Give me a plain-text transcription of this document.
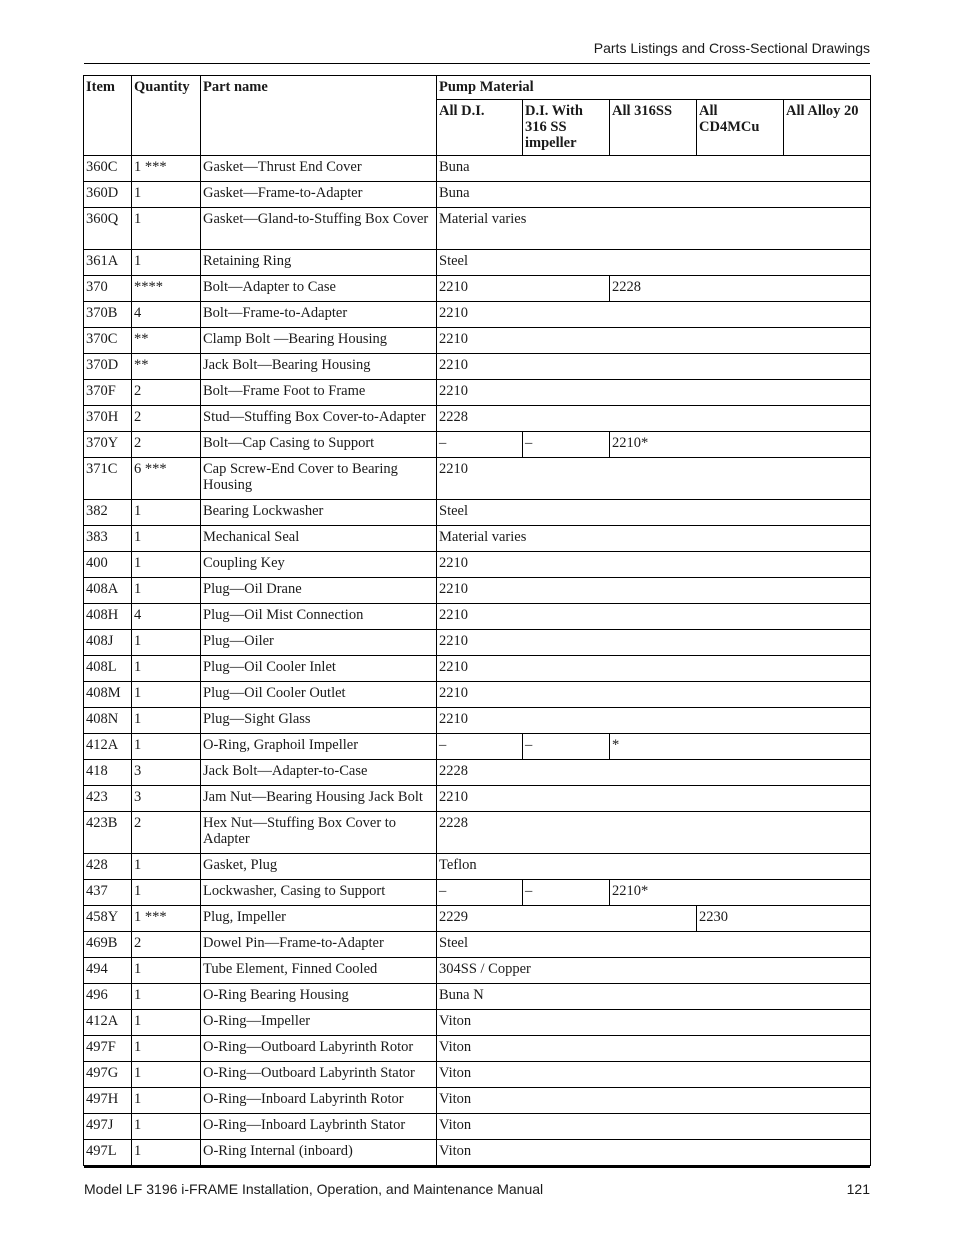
Parts Listings and Cross-Sectional Drawings
Item	Quantity	Part name	Pump Material				
			All D.I.	D.I. With 316 SS impeller	All 316SS	All CD4MCu	All Alloy 20
360C	1 ***	Gasket—Thrust End Cover	Buna				
360D	1	Gasket—Frame-to-Adapter	Buna				
360Q	1	Gasket—Gland-to-Stuffing Box Cover	Material varies				
361A	1	Retaining Ring	Steel				
370	****	Bolt—Adapter to Case	2210		2228		
370B	4	Bolt—Frame-to-Adapter	2210				
370C	**	Clamp Bolt —Bearing Housing	2210				
370D	**	Jack Bolt—Bearing Housing	2210				
370F	2	Bolt—Frame Foot to Frame	2210				
370H	2	Stud—Stuffing Box Cover-to-Adapter	2228				
370Y	2	Bolt—Cap Casing to Support	–	–	2210*		
371C	6 ***	Cap Screw-End Cover to Bearing Housing	2210				
382	1	Bearing Lockwasher	Steel				
383	1	Mechanical Seal	Material varies				
400	1	Coupling Key	2210				
408A	1	Plug—Oil Drane	2210				
408H	4	Plug—Oil Mist Connection	2210				
408J	1	Plug—Oiler	2210				
408L	1	Plug—Oil Cooler Inlet	2210				
408M	1	Plug—Oil Cooler Outlet	2210				
408N	1	Plug—Sight Glass	2210				
412A	1	O-Ring, Graphoil Impeller	–	–	*		
418	3	Jack Bolt—Adapter-to-Case	2228				
423	3	Jam Nut—Bearing Housing Jack Bolt	2210				
423B	2	Hex Nut—Stuffing Box Cover to Adapter	2228				
428	1	Gasket, Plug	Teflon				
437	1	Lockwasher, Casing to Support	–	–	2210*		
458Y	1 ***	Plug, Impeller	2229			2230	
469B	2	Dowel Pin—Frame-to-Adapter	Steel				
494	1	Tube Element, Finned Cooled	304SS / Copper				
496	1	O-Ring Bearing Housing	Buna N				
412A	1	O-Ring—Impeller	Viton				
497F	1	O-Ring—Outboard Labyrinth Rotor	Viton				
497G	1	O-Ring—Outboard Labyrinth Stator	Viton				
497H	1	O-Ring—Inboard Labyrinth Rotor	Viton				
497J	1	O-Ring—Inboard Laybrinth Stator	Viton				
497L	1	O-Ring Internal (inboard)	Viton				
Model LF 3196 i-FRAME Installation, Operation, and Maintenance Manual	121
